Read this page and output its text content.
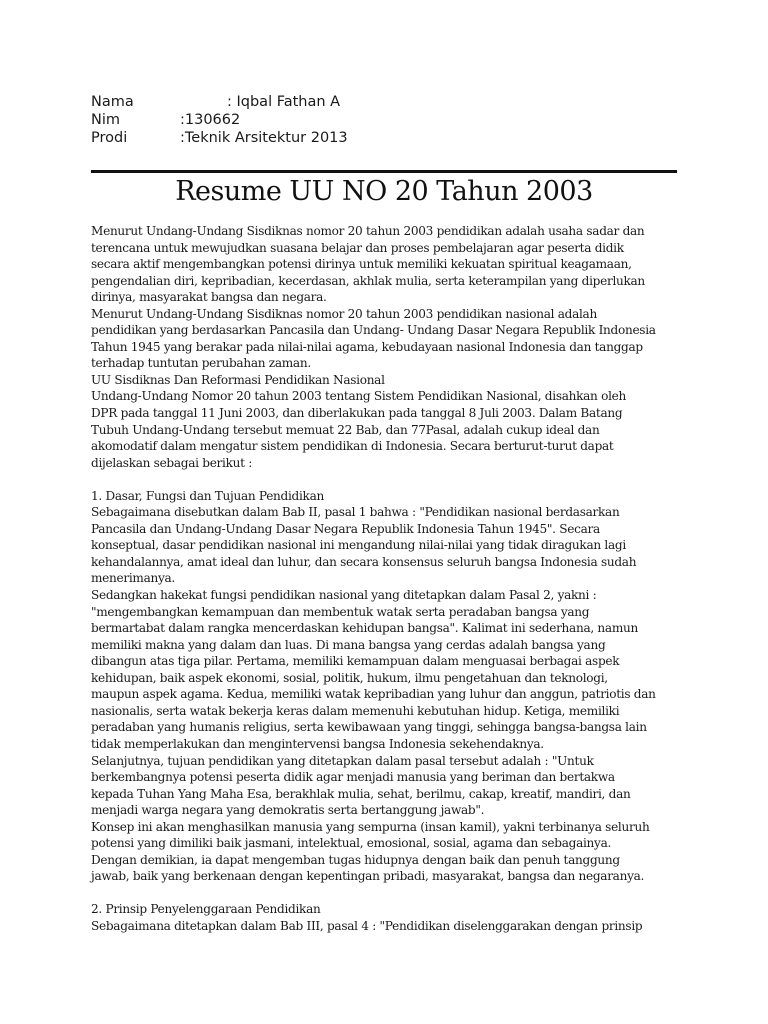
Nama	: Iqbal Fathan A
Nim	:130662
Prodi	:Teknik Arsitektur 2013
Resume UU NO 20 Tahun 2003
Menurut Undang-Undang Sisdiknas nomor 20 tahun 2003 pendidikan adalah usaha sadar dan
terencana untuk mewujudkan suasana belajar dan proses pembelajaran agar peserta didik
secara aktif mengembangkan potensi dirinya untuk memiliki kekuatan spiritual keagamaan,
pengendalian diri, kepribadian, kecerdasan, akhlak mulia, serta keterampilan yang diperlukan
dirinya, masyarakat bangsa dan negara.
Menurut Undang-Undang Sisdiknas nomor 20 tahun 2003 pendidikan nasional adalah
pendidikan yang berdasarkan Pancasila dan Undang- Undang Dasar Negara Republik Indonesia
Tahun 1945 yang berakar pada nilai-nilai agama, kebudayaan nasional Indonesia dan tanggap
terhadap tuntutan perubahan zaman.
UU Sisdiknas Dan Reformasi Pendidikan Nasional
Undang-Undang Nomor 20 tahun 2003 tentang Sistem Pendidikan Nasional, disahkan oleh
DPR pada tanggal 11 Juni 2003, dan diberlakukan pada tanggal 8 Juli 2003. Dalam Batang
Tubuh Undang-Undang tersebut memuat 22 Bab, dan 77Pasal, adalah cukup ideal dan
akomodatif dalam mengatur sistem pendidikan di Indonesia. Secara berturut-turut dapat
dijelaskan sebagai berikut :
1. Dasar, Fungsi dan Tujuan Pendidikan
Sebagaimana disebutkan dalam Bab II, pasal 1 bahwa : "Pendidikan nasional berdasarkan
Pancasila dan Undang-Undang Dasar Negara Republik Indonesia Tahun 1945". Secara
konseptual, dasar pendidikan nasional ini mengandung nilai-nilai yang tidak diragukan lagi
kehandalannya, amat ideal dan luhur, dan secara konsensus seluruh bangsa Indonesia sudah
menerimanya.
Sedangkan hakekat fungsi pendidikan nasional yang ditetapkan dalam Pasal 2, yakni :
"mengembangkan kemampuan dan membentuk watak serta peradaban bangsa yang
bermartabat dalam rangka mencerdaskan kehidupan bangsa". Kalimat ini sederhana, namun
memiliki makna yang dalam dan luas. Di mana bangsa yang cerdas adalah bangsa yang
dibangun atas tiga pilar. Pertama, memiliki kemampuan dalam menguasai berbagai aspek
kehidupan, baik aspek ekonomi, sosial, politik, hukum, ilmu pengetahuan dan teknologi,
maupun aspek agama. Kedua, memiliki watak kepribadian yang luhur dan anggun, patriotis dan
nasionalis, serta watak bekerja keras dalam memenuhi kebutuhan hidup. Ketiga, memiliki
peradaban yang humanis religius, serta kewibawaan yang tinggi, sehingga bangsa-bangsa lain
tidak memperlakukan dan mengintervensi bangsa Indonesia sekehendaknya.
Selanjutnya, tujuan pendidikan yang ditetapkan dalam pasal tersebut adalah : "Untuk
berkembangnya potensi peserta didik agar menjadi manusia yang beriman dan bertakwa
kepada Tuhan Yang Maha Esa, berakhlak mulia, sehat, berilmu, cakap, kreatif, mandiri, dan
menjadi warga negara yang demokratis serta bertanggung jawab".
Konsep ini akan menghasilkan manusia yang sempurna (insan kamil), yakni terbinanya seluruh
potensi yang dimiliki baik jasmani, intelektual, emosional, sosial, agama dan sebagainya.
Dengan demikian, ia dapat mengemban tugas hidupnya dengan baik dan penuh tanggung
jawab, baik yang berkenaan dengan kepentingan pribadi, masyarakat, bangsa dan negaranya.
2. Prinsip Penyelenggaraan Pendidikan
Sebagaimana ditetapkan dalam Bab III, pasal 4 : "Pendidikan diselenggarakan dengan prinsip
